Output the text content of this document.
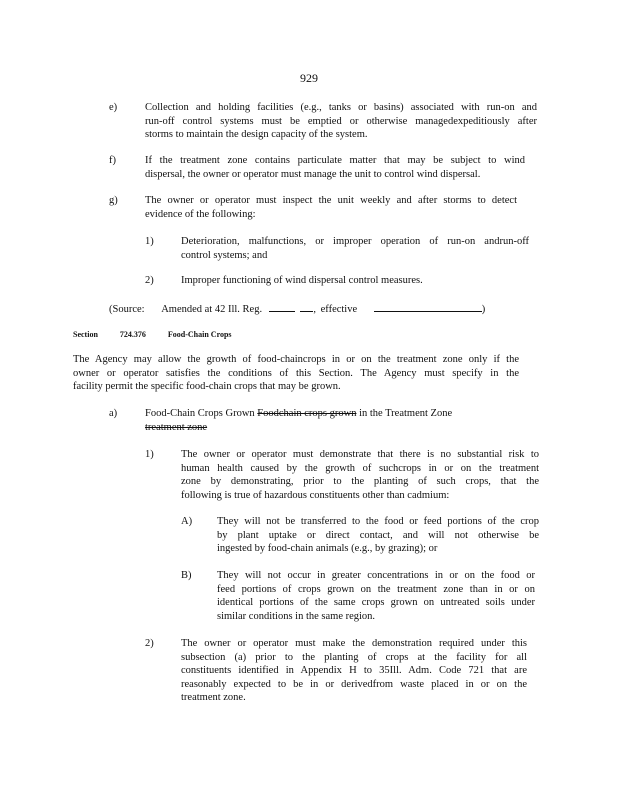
929
e)	Collection and holding facilities (e.g., tanks or basins) associated with run-on and
run-off control systems must be emptied or otherwise managedexpeditiously after
storms to maintain the design capacity of the system.
f)	If the treatment zone contains particulate matter that may be subject to wind
dispersal, the owner or operator must manage the unit to control wind dispersal.
g)	The owner or operator must inspect the unit weekly and after storms to detect
evidence of the following:
1)	Deterioration, malfunctions, or improper operation of run-on andrun-off
control systems; and
2)	Improper functioning of wind dispersal control measures.
(Source: Amended at 42 Ill. Reg.	, effective	)
Section	724.376	Food-Chain Crops
The Agency may allow the growth of food-chaincrops in or on the treatment zone only if the
owner or operator satisfies the conditions of this Section. The Agency must specify in the
facility permit the specific food-chain crops that may be grown.
a)	Food-Chain Crops Grown Foodchain crops grown in the Treatment Zone
treatment zone
1)	The owner or operator must demonstrate that there is no substantial risk to
human health caused by the growth of suchcrops in or on the treatment
zone by demonstrating, prior to the planting of such crops, that the
following is true of hazardous constituents other than cadmium:
A) They will not be transferred to the food or feed portions of the crop
by plant uptake or direct contact, and will not otherwise be
ingested by food-chain animals (e.g., by grazing); or
B) They will not occur in greater concentrations in or on the food or
feed portions of crops grown on the treatment zone than in or on
identical portions of the same crops grown on untreated soils under
similar conditions in the same region.
2)	The owner or operator must make the demonstration required under this
subsection (a) prior to the planting of crops at the facility for all
constituents identified in Appendix H to 35Ill. Adm. Code 721 that are
reasonably expected to be in or derivedfrom waste placed in or on the
treatment zone.
